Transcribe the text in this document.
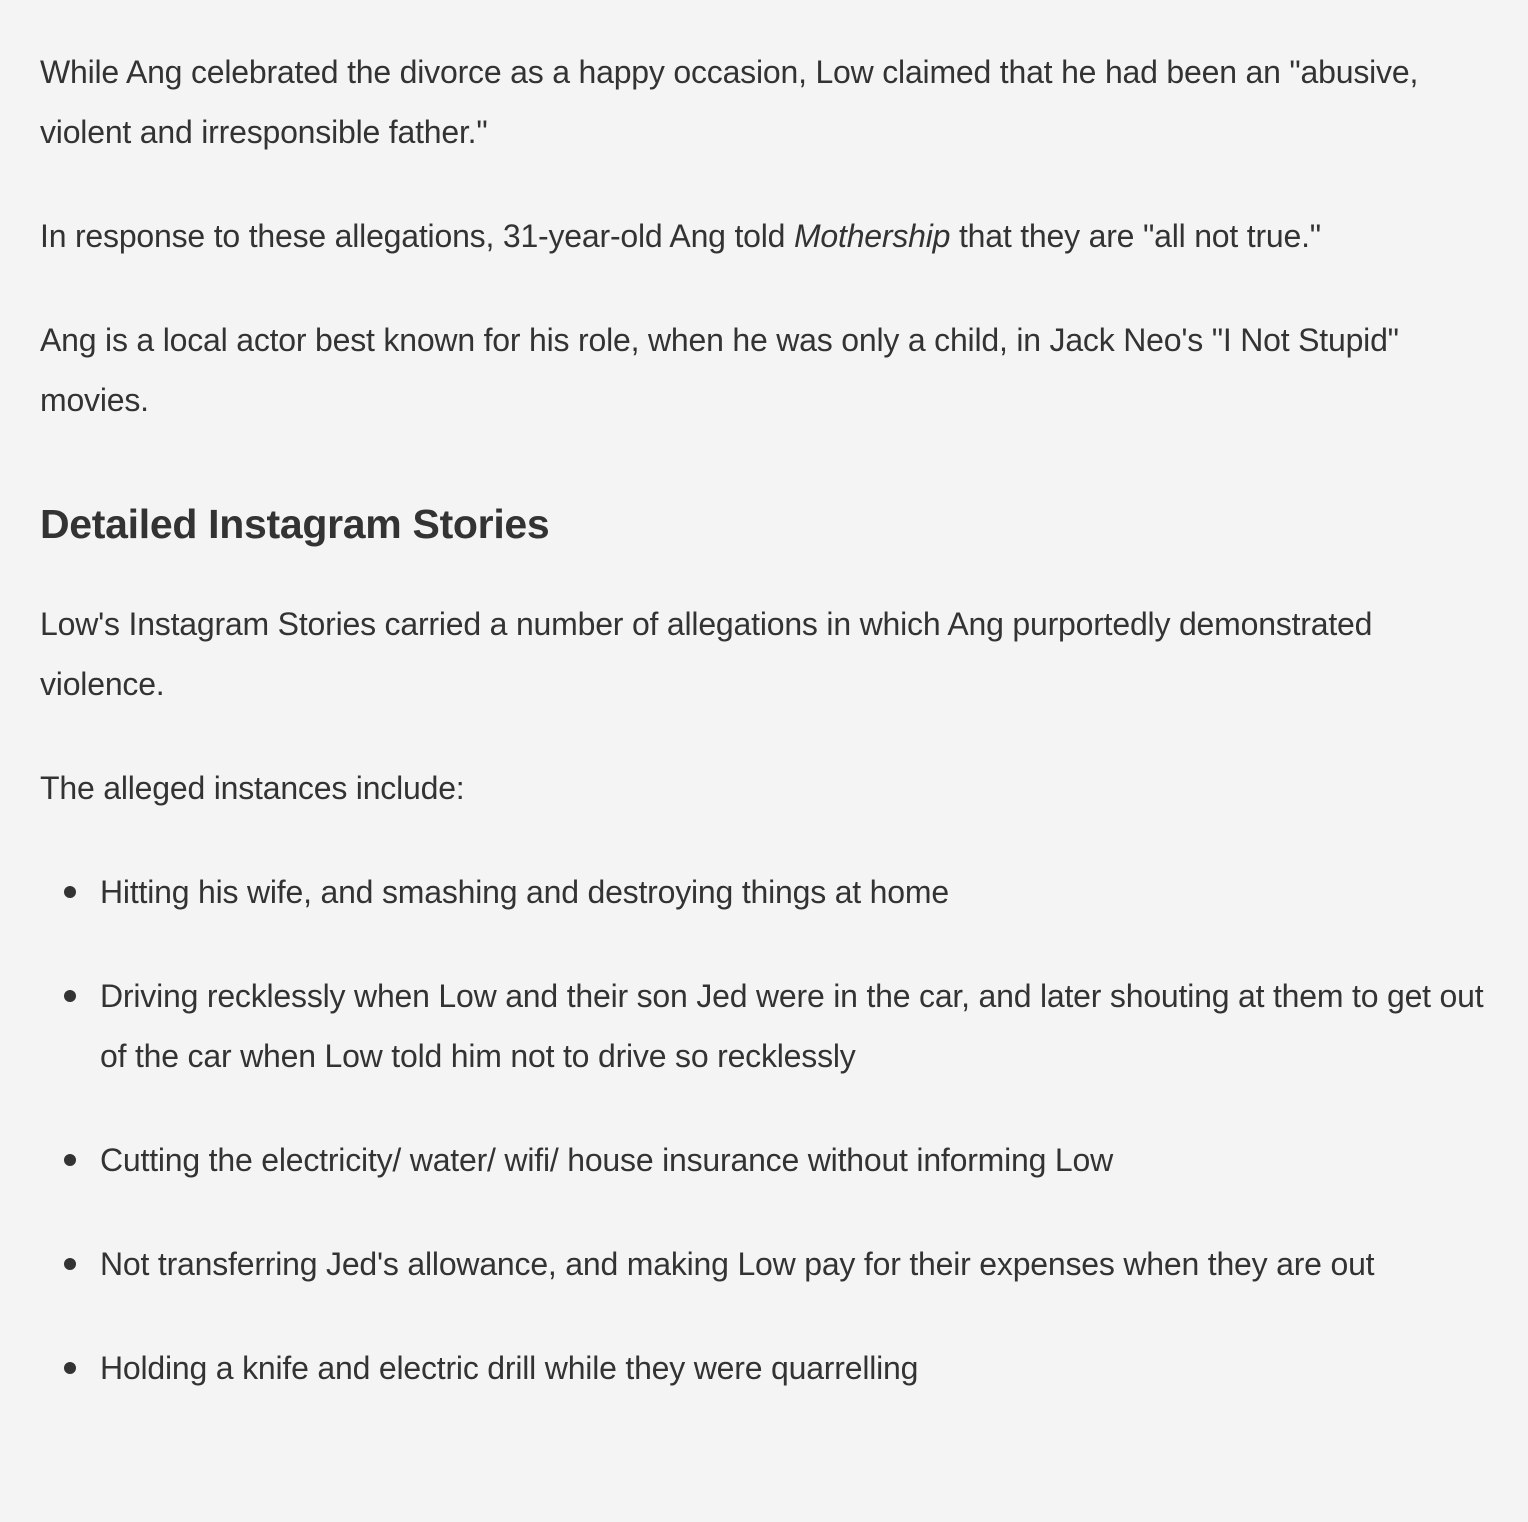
While Ang celebrated the divorce as a happy occasion, Low claimed that he had been an "abusive, violent and irresponsible father."

In response to these allegations, 31-year-old Ang told Mothership that they are "all not true."

Ang is a local actor best known for his role, when he was only a child, in Jack Neo's "I Not Stupid" movies.

Detailed Instagram Stories

Low's Instagram Stories carried a number of allegations in which Ang purportedly demonstrated violence.

The alleged instances include:

Hitting his wife, and smashing and destroying things at home
Driving recklessly when Low and their son Jed were in the car, and later shouting at them to get out of the car when Low told him not to drive so recklessly
Cutting the electricity/ water/ wifi/ house insurance without informing Low
Not transferring Jed's allowance, and making Low pay for their expenses when they are out
Holding a knife and electric drill while they were quarrelling
